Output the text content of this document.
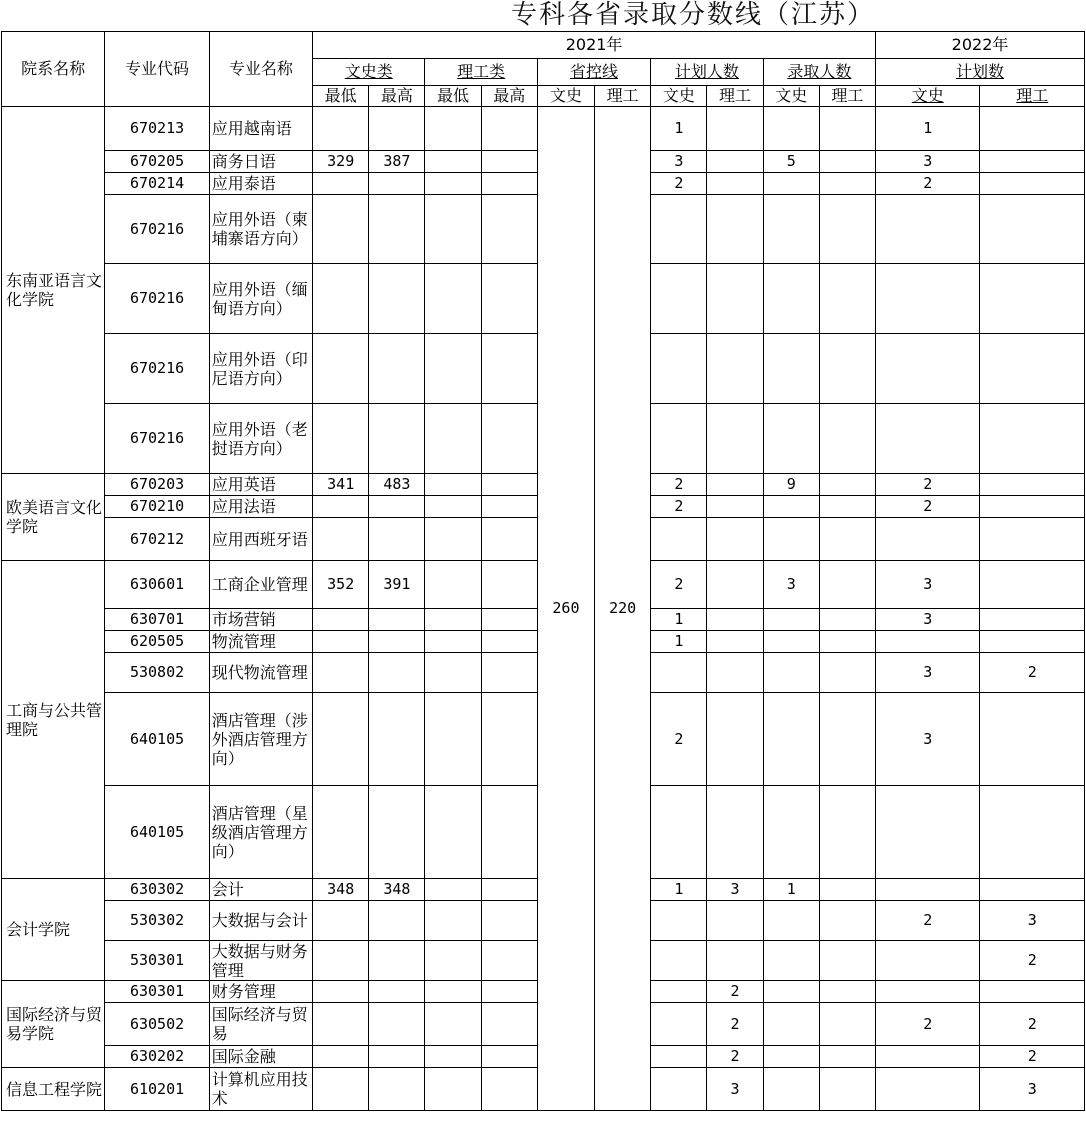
专科各省录取分数线（江苏）
院系名称	专业代码	专业名称	2021年										2022年	
			文史类		理工类		省控线		计划人数		录取人数		计划数	
			最低	最高	最低	最高	文史	理工	文史	理工	文史	理工	文史	理工
东南亚语言文化学院	670213	应用越南语					260	220	1				1	
	670205	商务日语	329	387					3		5		3	
	670214	应用泰语							2				2	
	670216	应用外语（柬埔寨语方向）												
	670216	应用外语（缅甸语方向）												
	670216	应用外语（印尼语方向）												
	670216	应用外语（老挝语方向）												
欧美语言文化学院	670203	应用英语	341	483					2		9		2	
	670210	应用法语							2				2	
	670212	应用西班牙语												
工商与公共管理院	630601	工商企业管理	352	391					2		3		3	
	630701	市场营销							1				3	
	620505	物流管理							1					
	530802	现代物流管理											3	2
	640105	酒店管理（涉外酒店管理方向）							2				3	
	640105	酒店管理（星级酒店管理方向）												
会计学院	630302	会计	348	348					1	3	1			
	530302	大数据与会计											2	3
	530301	大数据与财务管理												2
国际经济与贸易学院	630301	财务管理								2				
	630502	国际经济与贸易								2			2	2
	630202	国际金融								2				2
信息工程学院	610201	计算机应用技术								3				3
